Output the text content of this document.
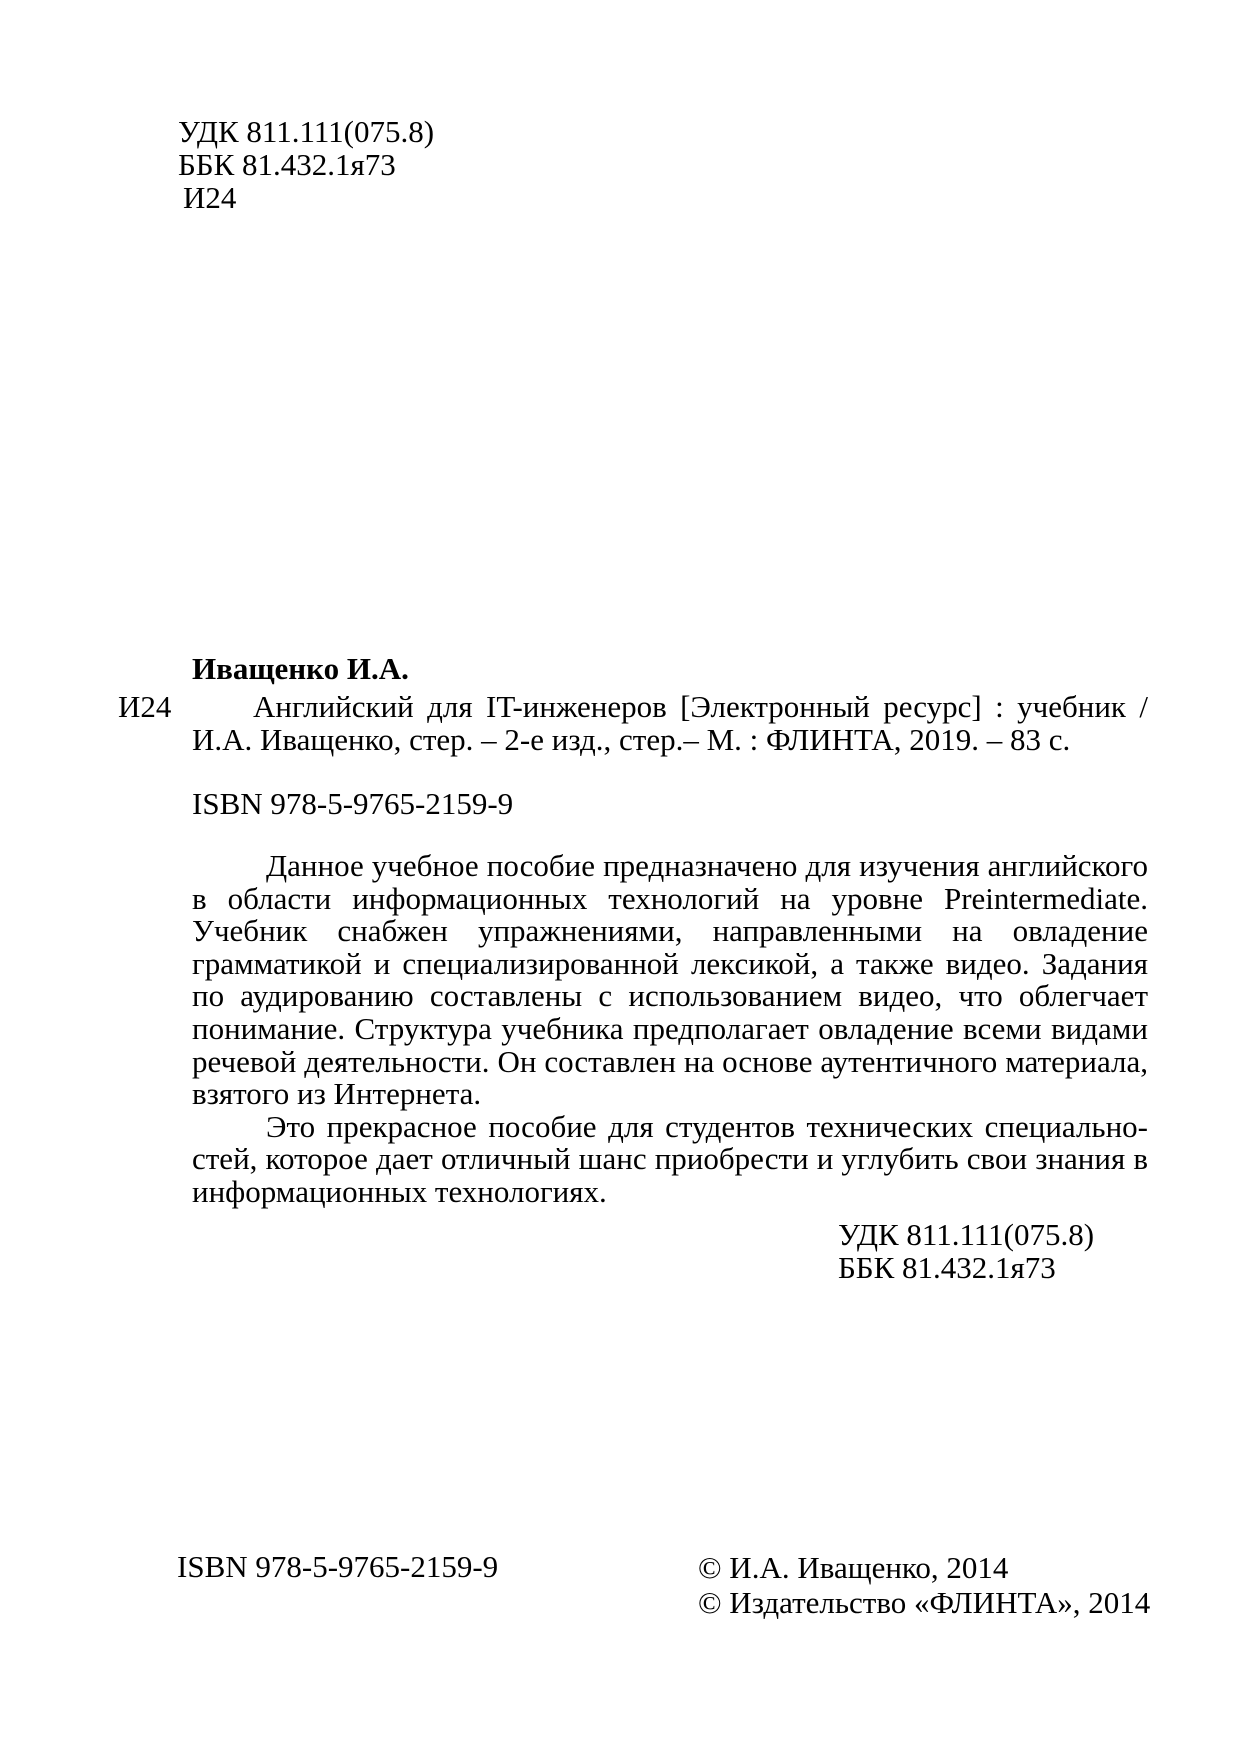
УДК 811.111(075.8)
ББК 81.432.1я73
И24
Иващенко И.А.
И24	Английский для IT-инженеров [Электронный ресурс] : учебник /
И.А. Иващенко, стер. – 2-е изд., стер.– М. : ФЛИНТА, 2019. – 83 с.
ISBN 978-5-9765-2159-9

Данное учебное пособие предназначено для изучения английского в области информационных технологий на уровне Preintermediate. Учебник снабжен упражнениями, направленными на овладение грамматикой и специализированной лексикой, а также видео. Задания по аудированию составлены с использованием видео, что облегчает понимание. Структура учебника предполагает овладение всеми видами речевой деятельности. Он составлен на основе аутентичного материала, взятого из Интернета.

Это прекрасное пособие для студентов технических специальностей, которое дает отличный шанс приобрести и углубить свои знания в информационных технологиях.

УДК 811.111(075.8)
ББК 81.432.1я73
ISBN 978-5-9765-2159-9	© И.А. Иващенко, 2014
© Издательство «ФЛИНТА», 2014
